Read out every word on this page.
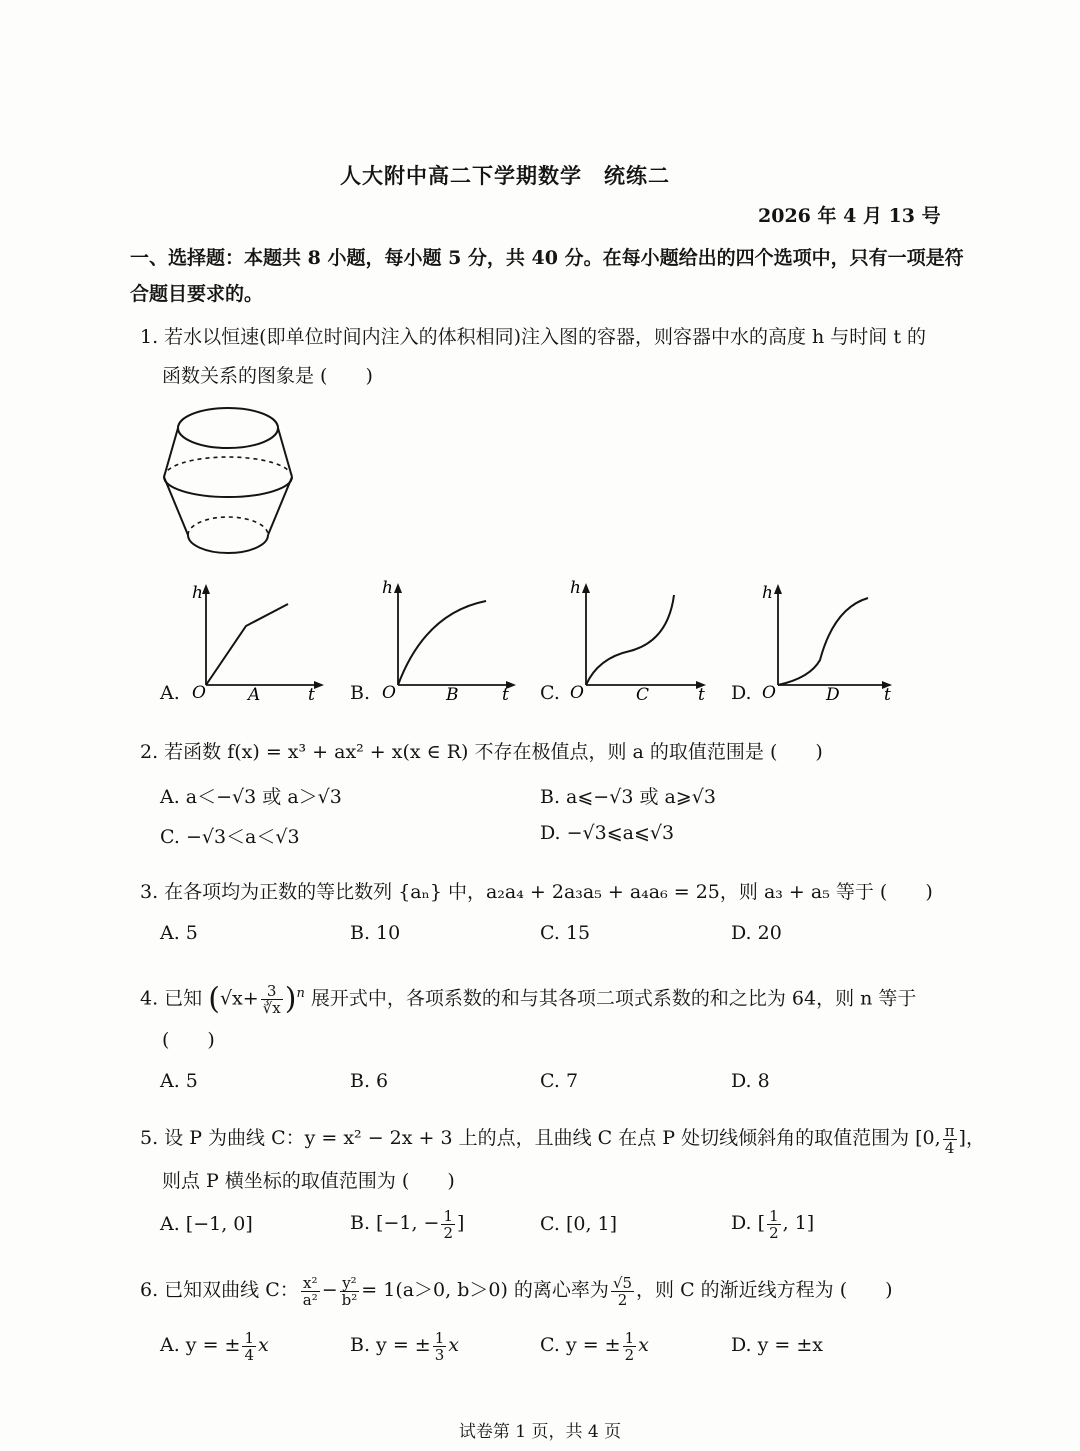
人大附中高二下学期数学　统练二
2026 年 4 月 13 号
一、选择题：本题共 8 小题，每小题 5 分，共 40 分。在每小题给出的四个选项中，只有一项是符合题目要求的。
1. 若水以恒速(即单位时间内注入的体积相同)注入图的容器，则容器中水的高度 h 与时间 t 的
函数关系的图象是 (　　)
A.
h
O A	t B.
h
O	B	t C.
h
O	C	t D.
h
O	D	t
2. 若函数 f(x) = x³ + ax² + x(x ∈ R) 不存在极值点，则 a 的取值范围是 (　　)
A. a＜−√3 或 a＞√3	B. a⩽−√3 或 a⩾√3
C. −√3＜a＜√3	D. −√3⩽a⩽√3
3. 在各项均为正数的等比数列 {aₙ} 中，a₂a₄ + 2a₃a₅ + a₄a₆ = 25，则 a₃ + a₅ 等于 (　　)
A. 5	B. 10	C. 15	D. 20
4. 已知 $(√x+ \frac{3}{∛x} )^n$ 展开式中，各项系数的和与其各项二项式系数的和之比为 64，则 n 等于
(　　)
A. 5	B. 6	C. 7	D. 8
5. 设 P 为曲线 C：y = x² − 2x + 3 上的点，且曲线 C 在点 P 处切线倾斜角的取值范围为 [0, $\frac{\pi}{4}$ ]，
则点 P 横坐标的取值范围为 (　　)
A. [−1, 0]	B. [−1, − $\frac{1}{2}$ ]	C. [0, 1]	D. [ $\frac{1}{2}$ , 1]
6. 已知双曲线 C： $\frac{\text{x²}}{\text{a²}} - \frac{\text{y²}}{\text{b²}} = 1(a>0$, b＞0) 的离心率为 $\frac{√5}{2}$ ，则 C 的渐近线方程为 (　　)
A. y = ± $\frac{1}{4}$ x	B. y = ± $\frac{1}{3}$ x	C. y = ± $\frac{1}{2}$ x	D. y = ±x
试卷第 1 页，共 4 页
